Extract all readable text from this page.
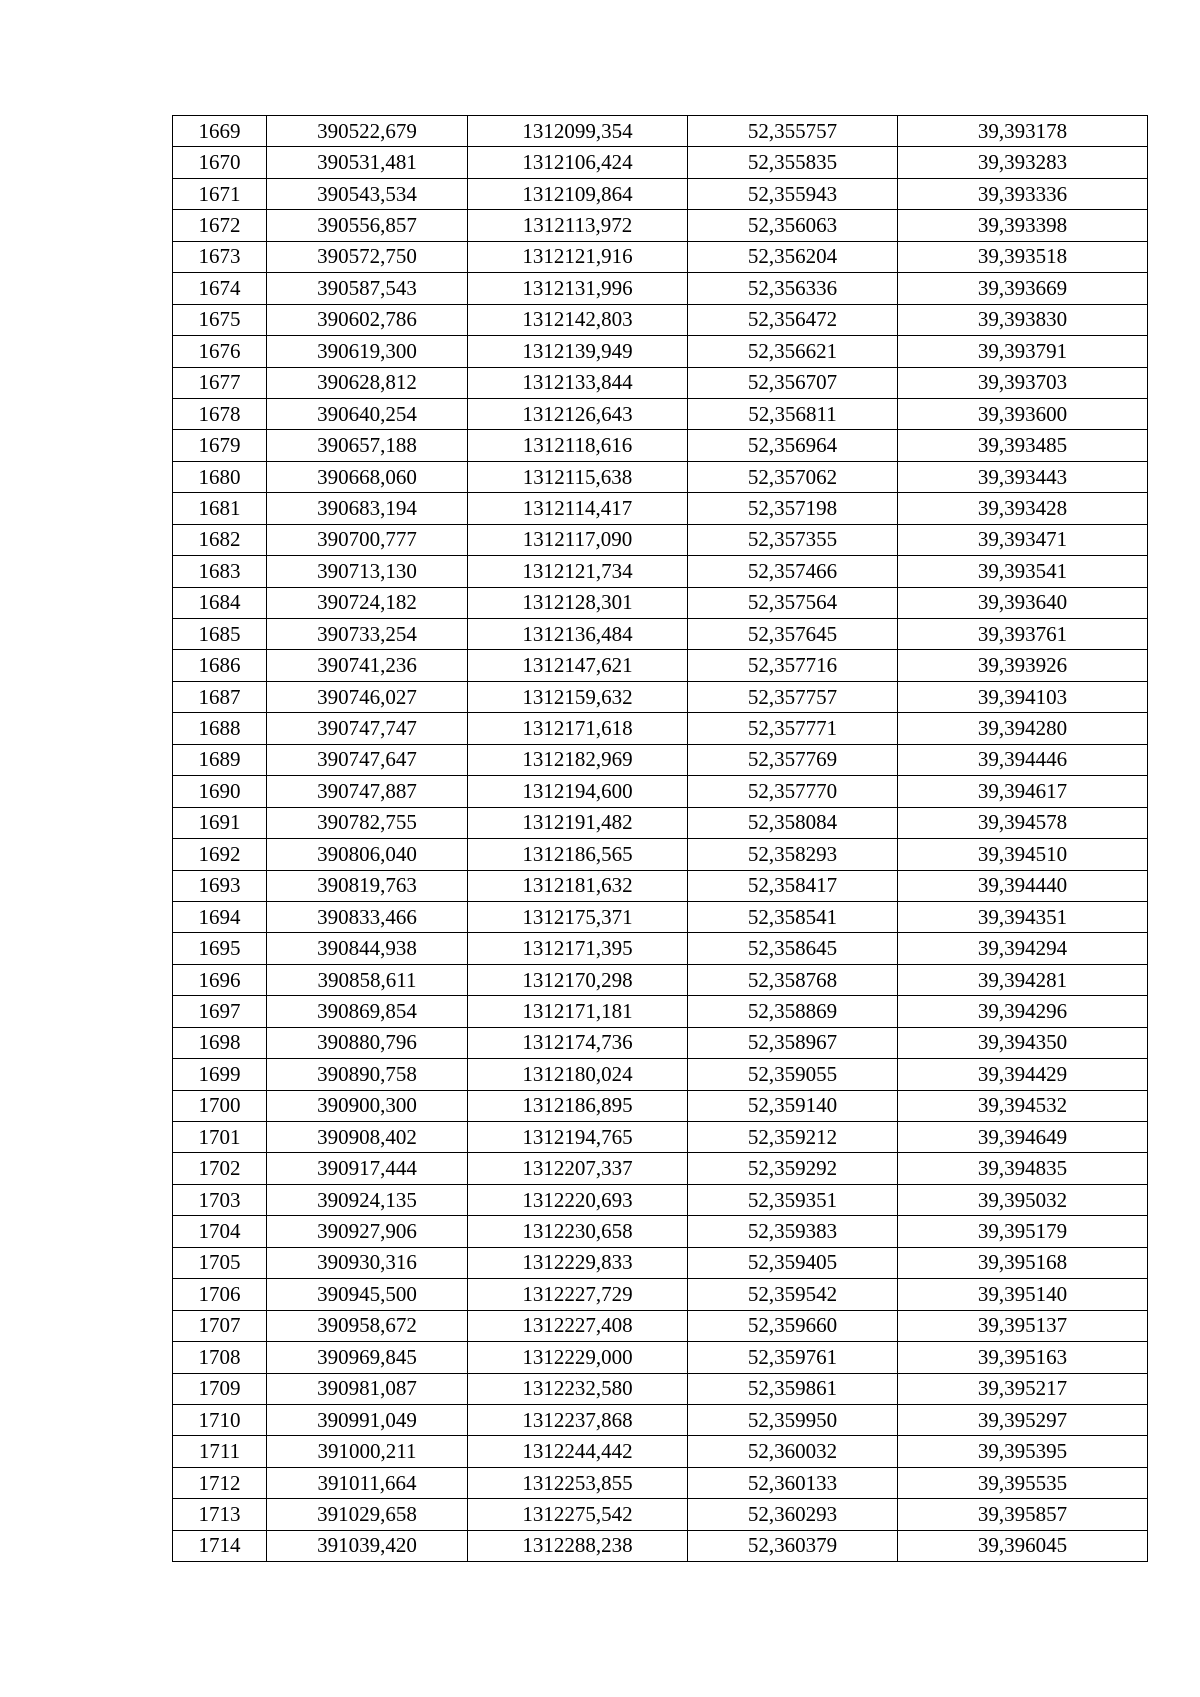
1669	390522,679	1312099,354	52,355757	39,393178
1670	390531,481	1312106,424	52,355835	39,393283
1671	390543,534	1312109,864	52,355943	39,393336
1672	390556,857	1312113,972	52,356063	39,393398
1673	390572,750	1312121,916	52,356204	39,393518
1674	390587,543	1312131,996	52,356336	39,393669
1675	390602,786	1312142,803	52,356472	39,393830
1676	390619,300	1312139,949	52,356621	39,393791
1677	390628,812	1312133,844	52,356707	39,393703
1678	390640,254	1312126,643	52,356811	39,393600
1679	390657,188	1312118,616	52,356964	39,393485
1680	390668,060	1312115,638	52,357062	39,393443
1681	390683,194	1312114,417	52,357198	39,393428
1682	390700,777	1312117,090	52,357355	39,393471
1683	390713,130	1312121,734	52,357466	39,393541
1684	390724,182	1312128,301	52,357564	39,393640
1685	390733,254	1312136,484	52,357645	39,393761
1686	390741,236	1312147,621	52,357716	39,393926
1687	390746,027	1312159,632	52,357757	39,394103
1688	390747,747	1312171,618	52,357771	39,394280
1689	390747,647	1312182,969	52,357769	39,394446
1690	390747,887	1312194,600	52,357770	39,394617
1691	390782,755	1312191,482	52,358084	39,394578
1692	390806,040	1312186,565	52,358293	39,394510
1693	390819,763	1312181,632	52,358417	39,394440
1694	390833,466	1312175,371	52,358541	39,394351
1695	390844,938	1312171,395	52,358645	39,394294
1696	390858,611	1312170,298	52,358768	39,394281
1697	390869,854	1312171,181	52,358869	39,394296
1698	390880,796	1312174,736	52,358967	39,394350
1699	390890,758	1312180,024	52,359055	39,394429
1700	390900,300	1312186,895	52,359140	39,394532
1701	390908,402	1312194,765	52,359212	39,394649
1702	390917,444	1312207,337	52,359292	39,394835
1703	390924,135	1312220,693	52,359351	39,395032
1704	390927,906	1312230,658	52,359383	39,395179
1705	390930,316	1312229,833	52,359405	39,395168
1706	390945,500	1312227,729	52,359542	39,395140
1707	390958,672	1312227,408	52,359660	39,395137
1708	390969,845	1312229,000	52,359761	39,395163
1709	390981,087	1312232,580	52,359861	39,395217
1710	390991,049	1312237,868	52,359950	39,395297
1711	391000,211	1312244,442	52,360032	39,395395
1712	391011,664	1312253,855	52,360133	39,395535
1713	391029,658	1312275,542	52,360293	39,395857
1714	391039,420	1312288,238	52,360379	39,396045
